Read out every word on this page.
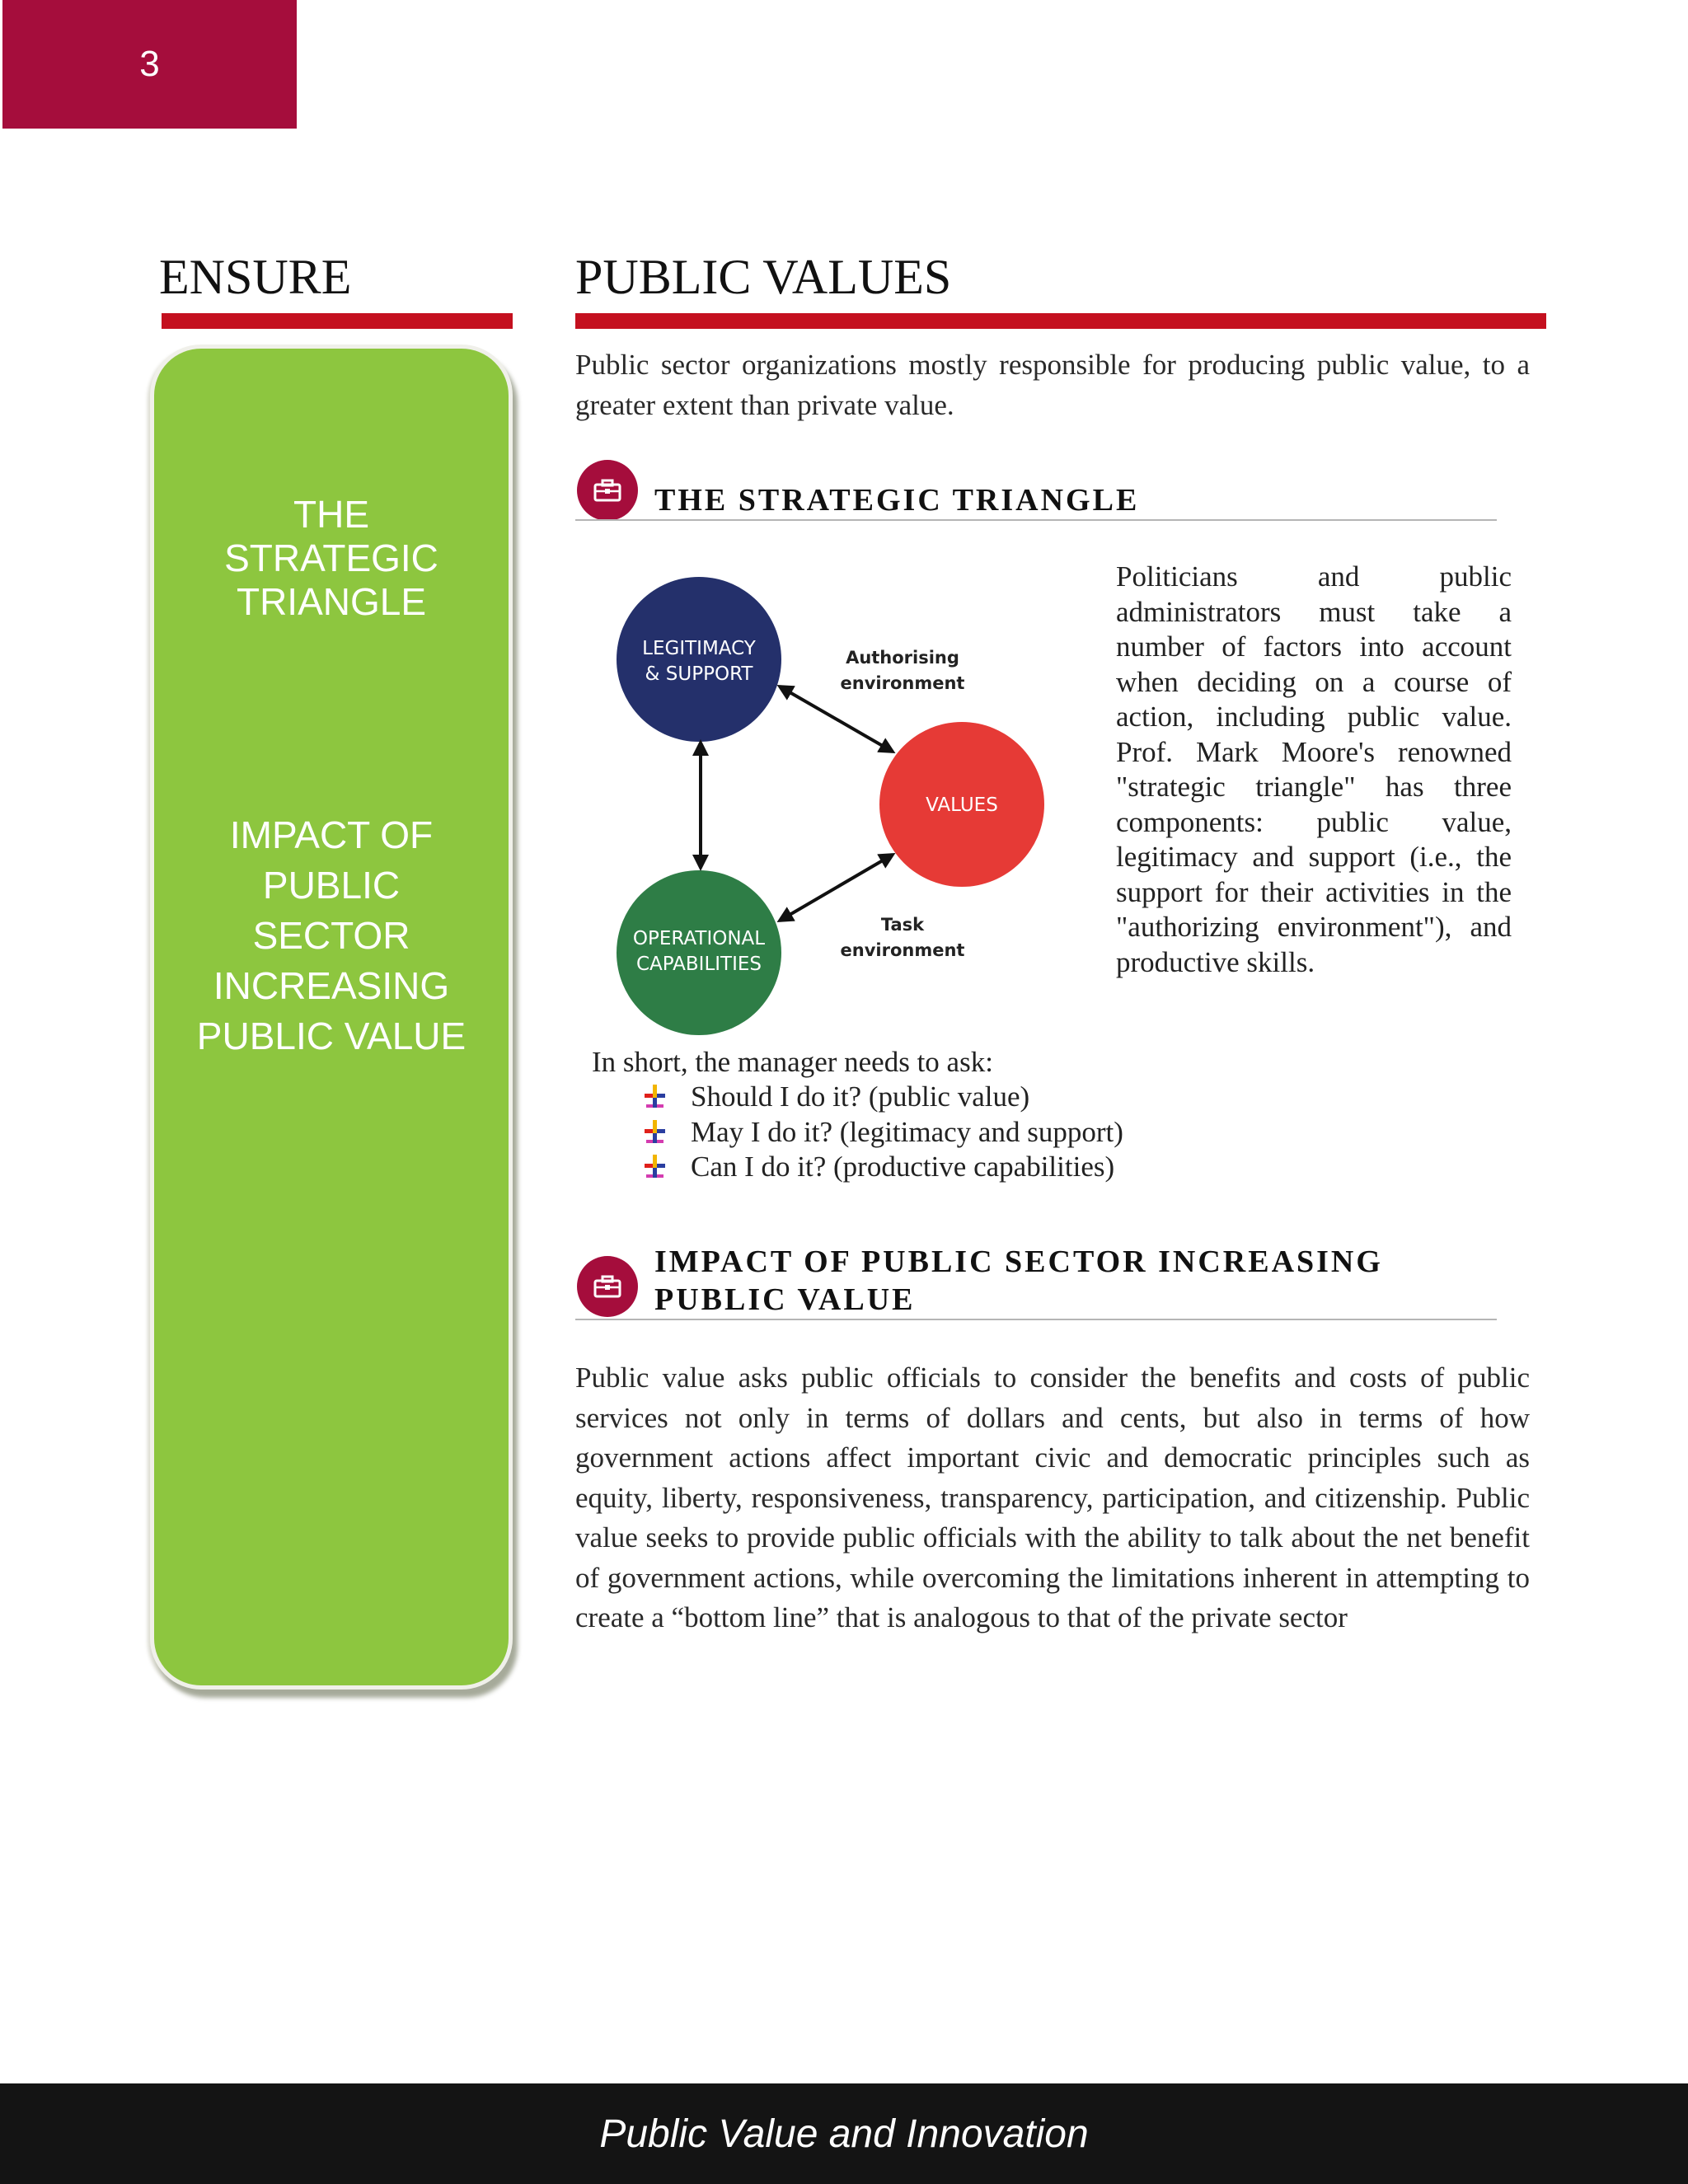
3
ENSURE	PUBLIC VALUES
THE
STRATEGIC
TRIANGLE
IMPACT OF
PUBLIC
SECTOR
INCREASING
PUBLIC VALUE
Public sector organizations mostly responsible for producing public value, to a greater extent than private value.
THE STRATEGIC TRIANGLE
LEGITIMACY
& SUPPORT
VALUES
OPERATIONAL
CAPABILITIES
Authorising
environment
Task
environment
Politicians and public administrators must take a number of factors into account when deciding on a course of action, including public value. Prof. Mark Moore's renowned "strategic triangle" has three components: public value, legitimacy and support (i.e., the support for their activities in the "authorizing environment"), and productive skills.
In short, the manager needs to ask:
Should I do it? (public value)
May I do it? (legitimacy and support)
Can I do it? (productive capabilities)
IMPACT OF PUBLIC SECTOR INCREASING
PUBLIC VALUE
Public value asks public officials to consider the benefits and costs of public services not only in terms of dollars and cents, but also in terms of how government actions affect important civic and democratic principles such as equity, liberty, responsiveness, transparency, participation, and citizenship. Public value seeks to provide public officials with the ability to talk about the net benefit of government actions, while overcoming the limitations inherent in attempting to create a “bottom line” that is analogous to that of the private sector
Public Value and Innovation
